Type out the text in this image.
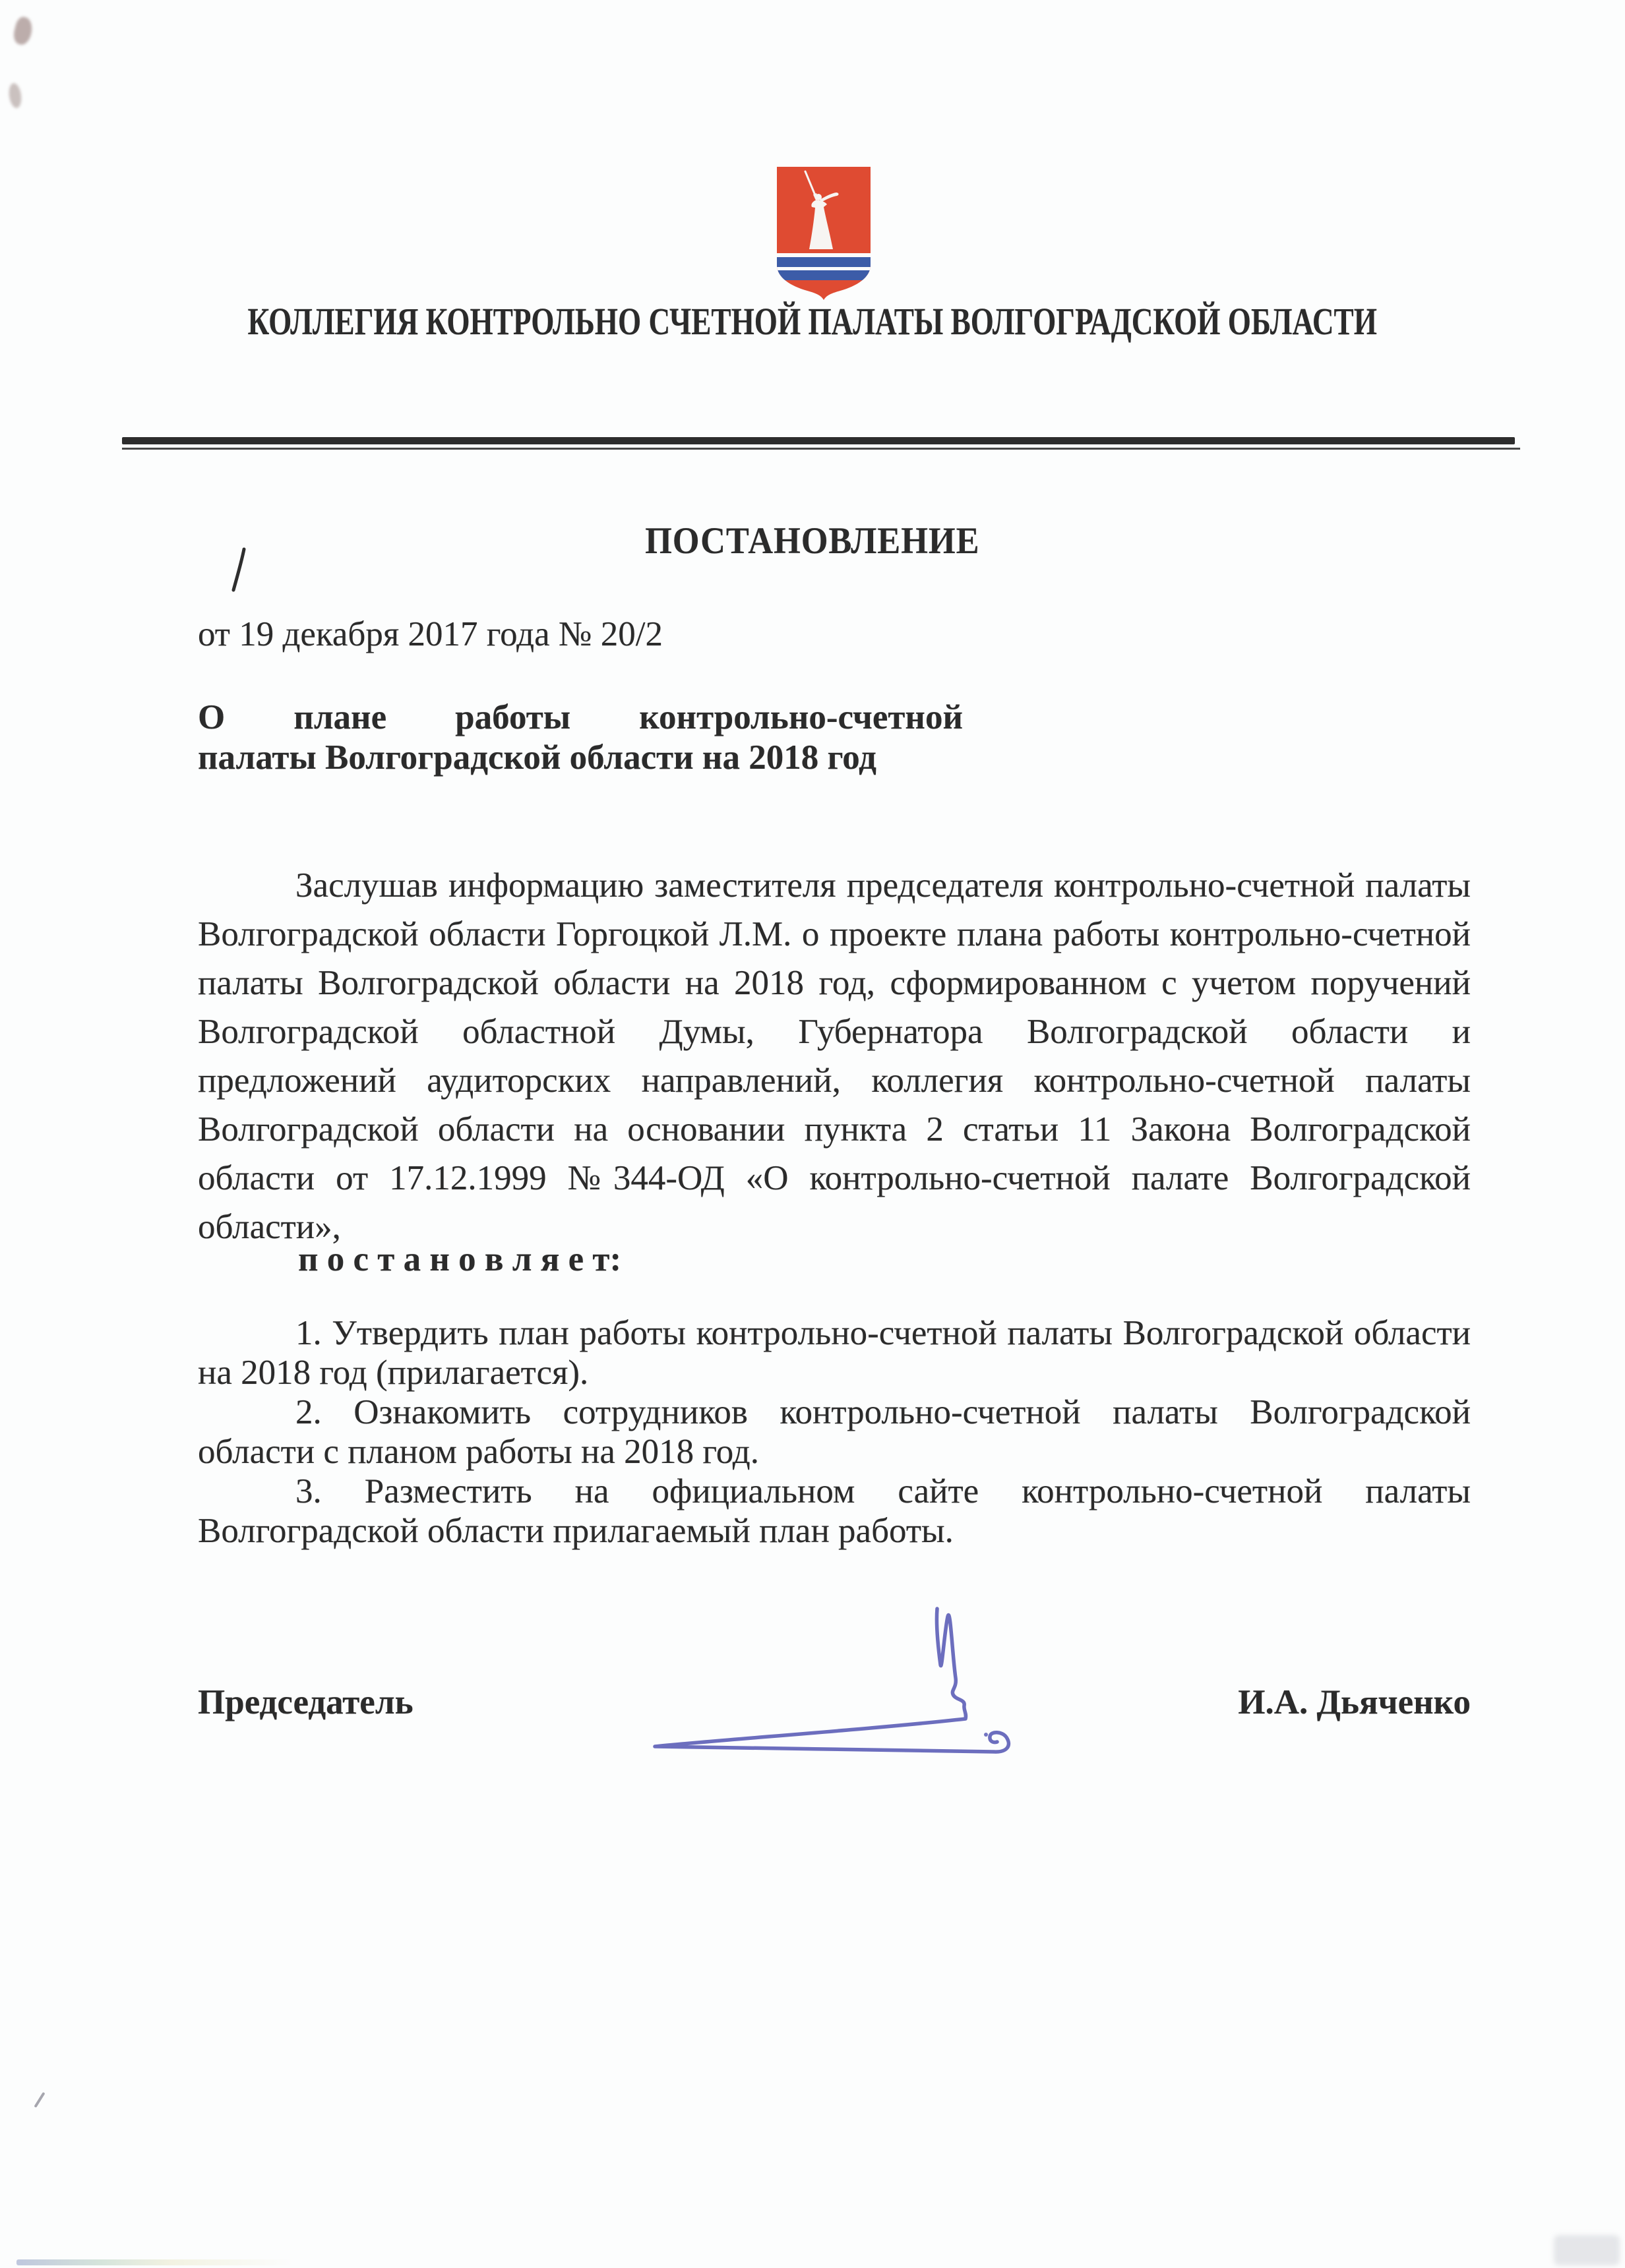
КОЛЛЕГИЯ КОНТРОЛЬНО СЧЕТНОЙ ПАЛАТЫ ВОЛГОГРАДСКОЙ ОБЛАСТИ
ПОСТАНОВЛЕНИЕ
от 19 декабря 2017 года № 20/2
О плане работы контрольно-счетной
палаты Волгоградской области на 2018 год
Заслушав информацию заместителя председателя контрольно-счетной палаты
Волгоградской области Горгоцкой Л.М. о проекте плана работы контрольно-счетной
палаты Волгоградской области на 2018 год, сформированном с учетом поручений
Волгоградской областной Думы, Губернатора Волгоградской области и
предложений аудиторских направлений, коллегия контрольно-счетной палаты
Волгоградской области на основании пункта 2 статьи 11 Закона Волгоградской
области от 17.12.1999 №344-ОД «О контрольно-счетной палате Волгоградской
области»,
п о с т а н о в л я е т:
1. Утвердить план работы контрольно-счетной палаты Волгоградской области
на 2018 год (прилагается).
2. Ознакомить сотрудников контрольно-счетной палаты Волгоградской
области с планом работы на 2018 год.
3. Разместить на официальном сайте контрольно-счетной палаты
Волгоградской области прилагаемый план работы.
Председатель	И.А. Дьяченко
